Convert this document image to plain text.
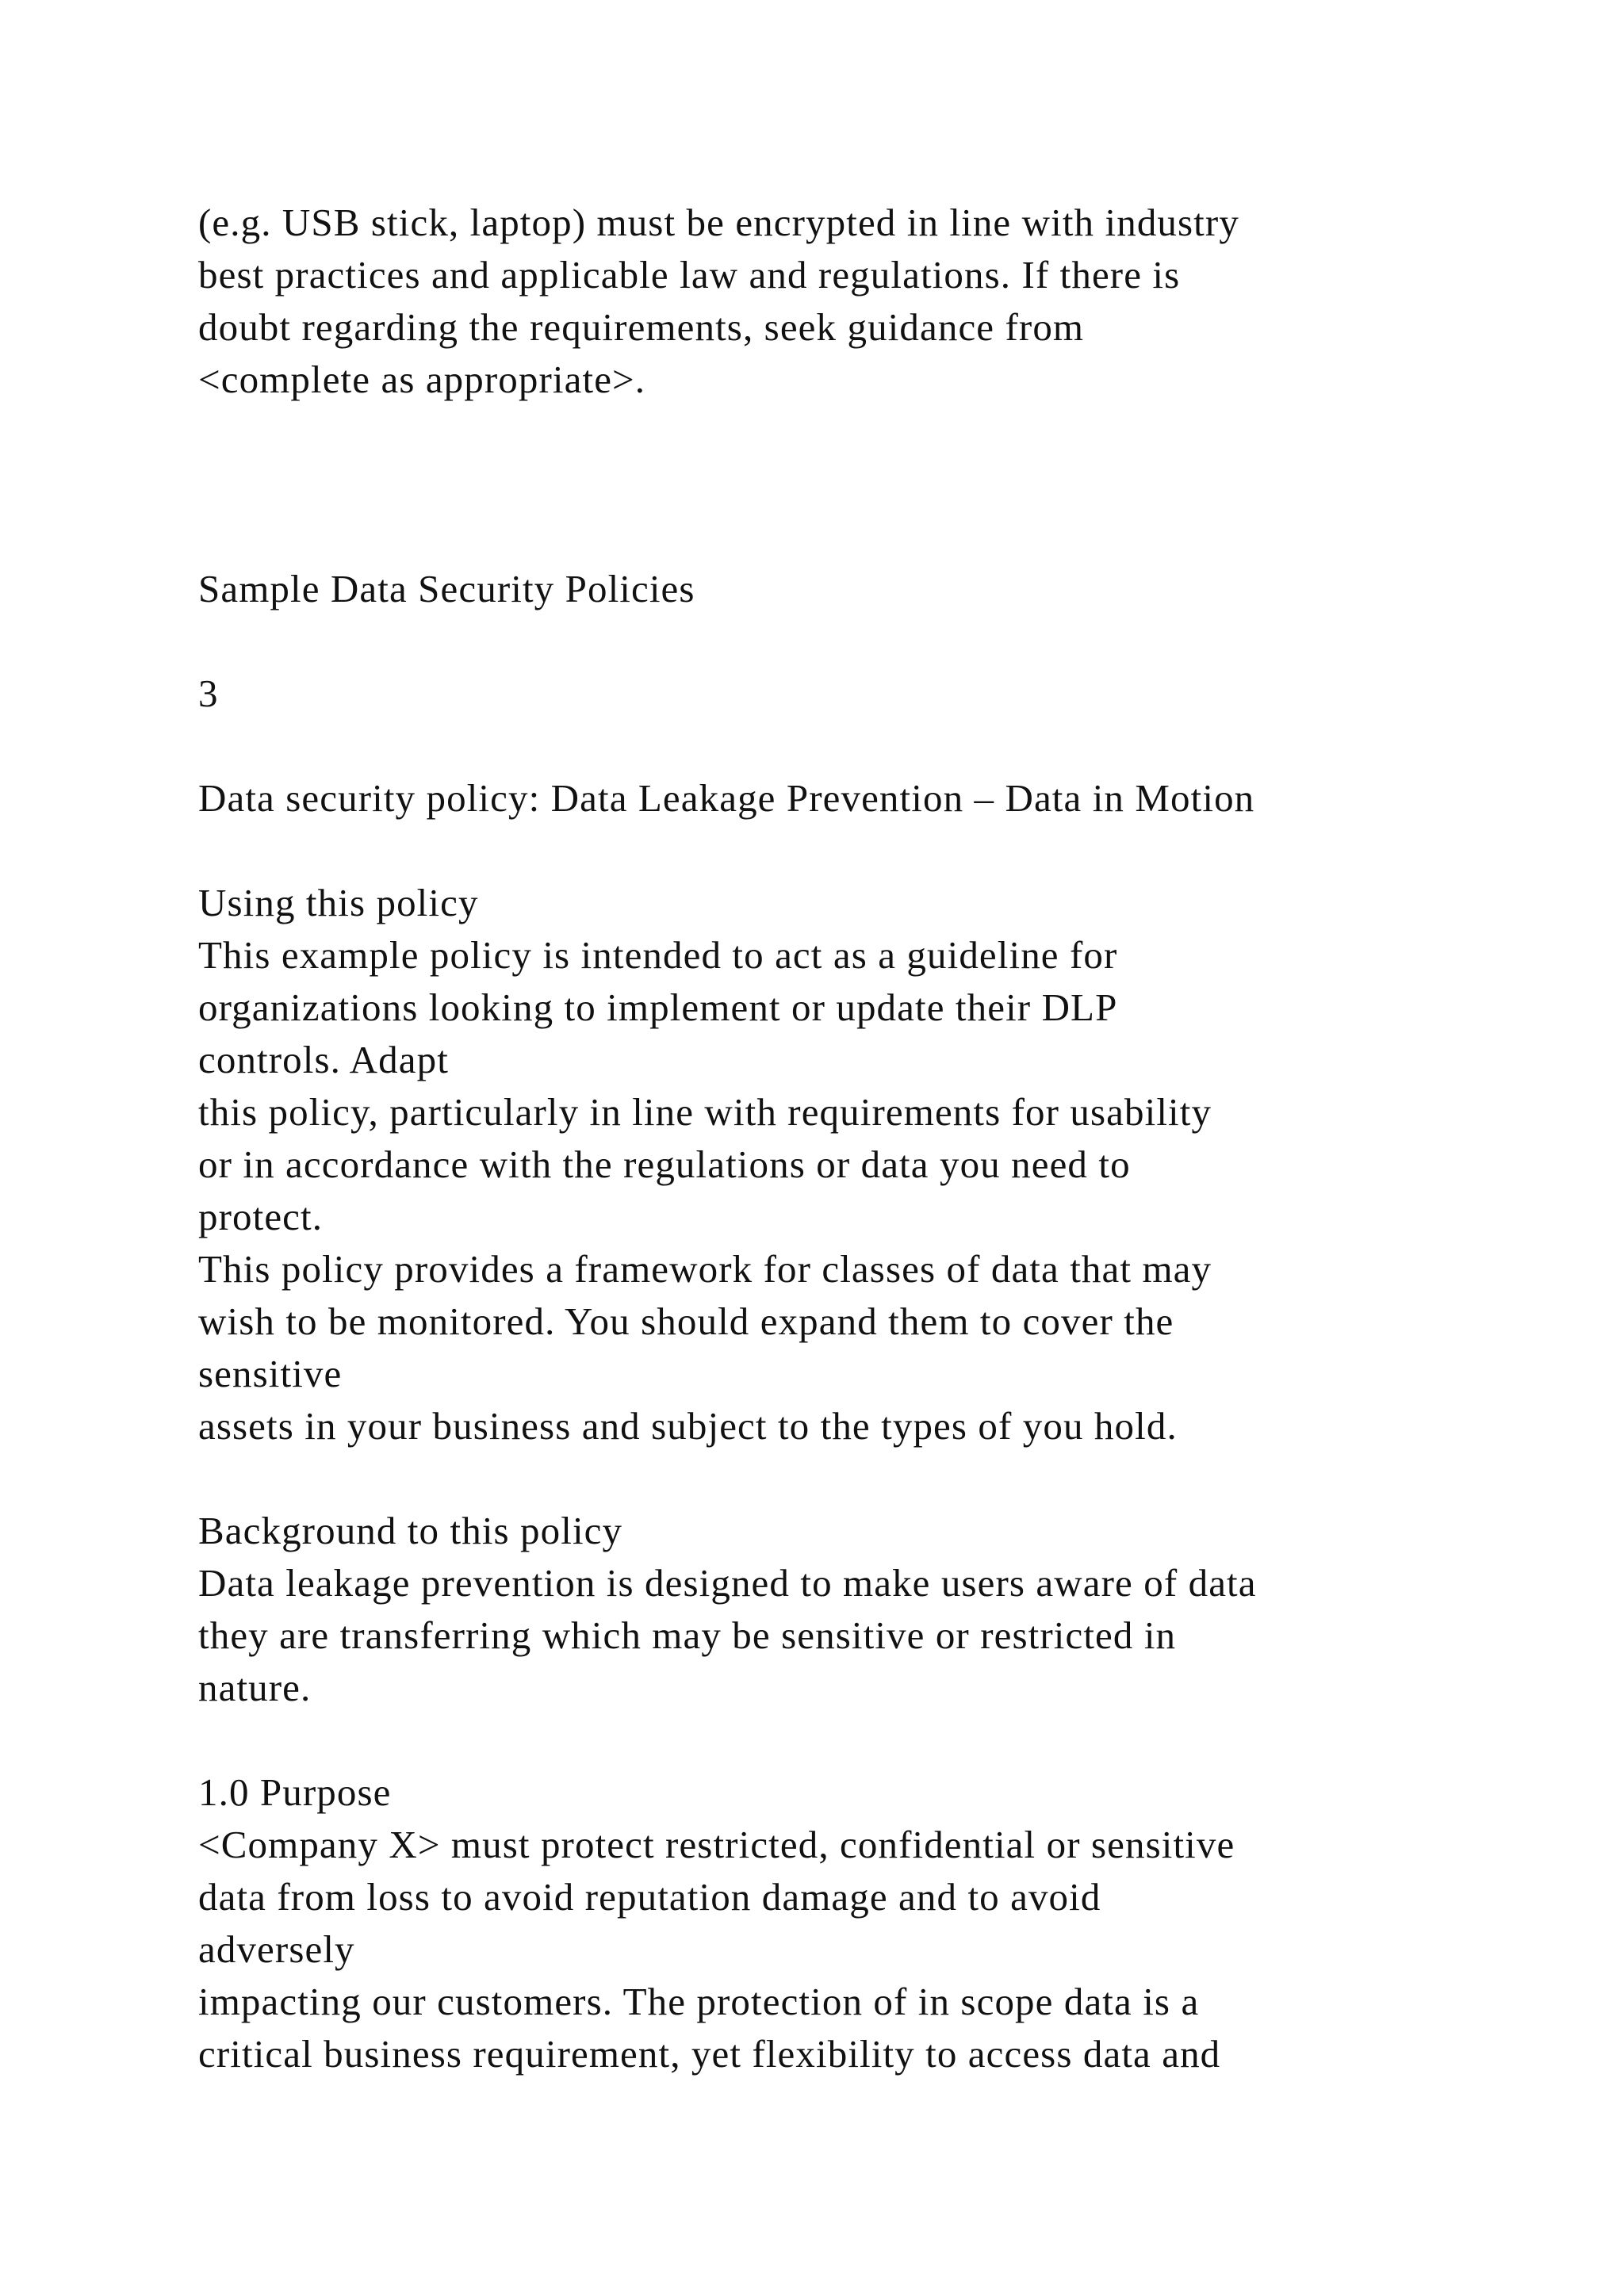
(e.g. USB stick, laptop) must be encrypted in line with industry
best practices and applicable law and regulations. If there is
doubt regarding the requirements, seek guidance from
<complete as appropriate>.
Sample Data Security Policies
3
Data security policy: Data Leakage Prevention – Data in Motion
Using this policy
This example policy is intended to act as a guideline for
organizations looking to implement or update their DLP
controls. Adapt
this policy, particularly in line with requirements for usability
or in accordance with the regulations or data you need to
protect.
This policy provides a framework for classes of data that may
wish to be monitored. You should expand them to cover the
sensitive
assets in your business and subject to the types of you hold.
Background to this policy
Data leakage prevention is designed to make users aware of data
they are transferring which may be sensitive or restricted in
nature.
1.0 Purpose
<Company X> must protect restricted, confidential or sensitive
data from loss to avoid reputation damage and to avoid
adversely
impacting our customers. The protection of in scope data is a
critical business requirement, yet flexibility to access data and
